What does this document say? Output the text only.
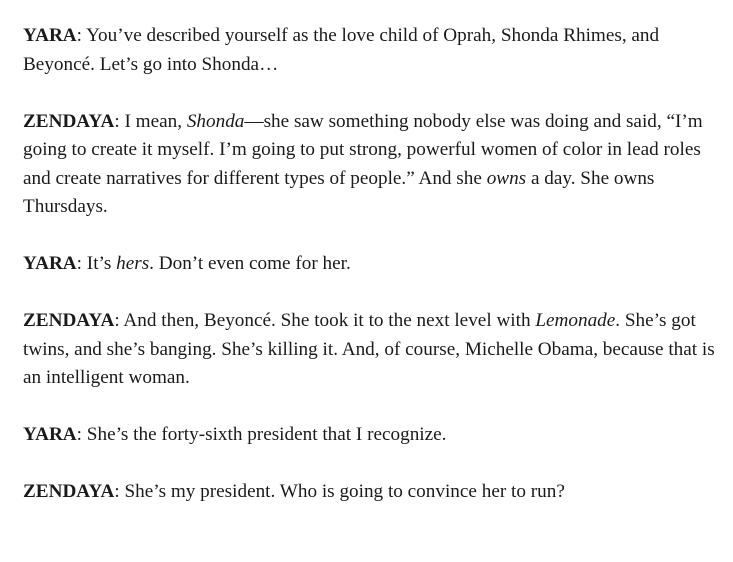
YARA: You’ve described yourself as the love child of Oprah, Shonda Rhimes, and Beyoncé. Let’s go into Shonda…

ZENDAYA: I mean, Shonda—she saw something nobody else was doing and said, “I’m going to create it myself. I’m going to put strong, powerful women of color in lead roles and create narratives for different types of people.” And she owns a day. She owns Thursdays.

YARA: It’s hers. Don’t even come for her.

ZENDAYA: And then, Beyoncé. She took it to the next level with Lemonade. She’s got twins, and she’s banging. She’s killing it. And, of course, Michelle Obama, because that is an intelligent woman.

YARA: She’s the forty-sixth president that I recognize.

ZENDAYA: She’s my president. Who is going to convince her to run?
